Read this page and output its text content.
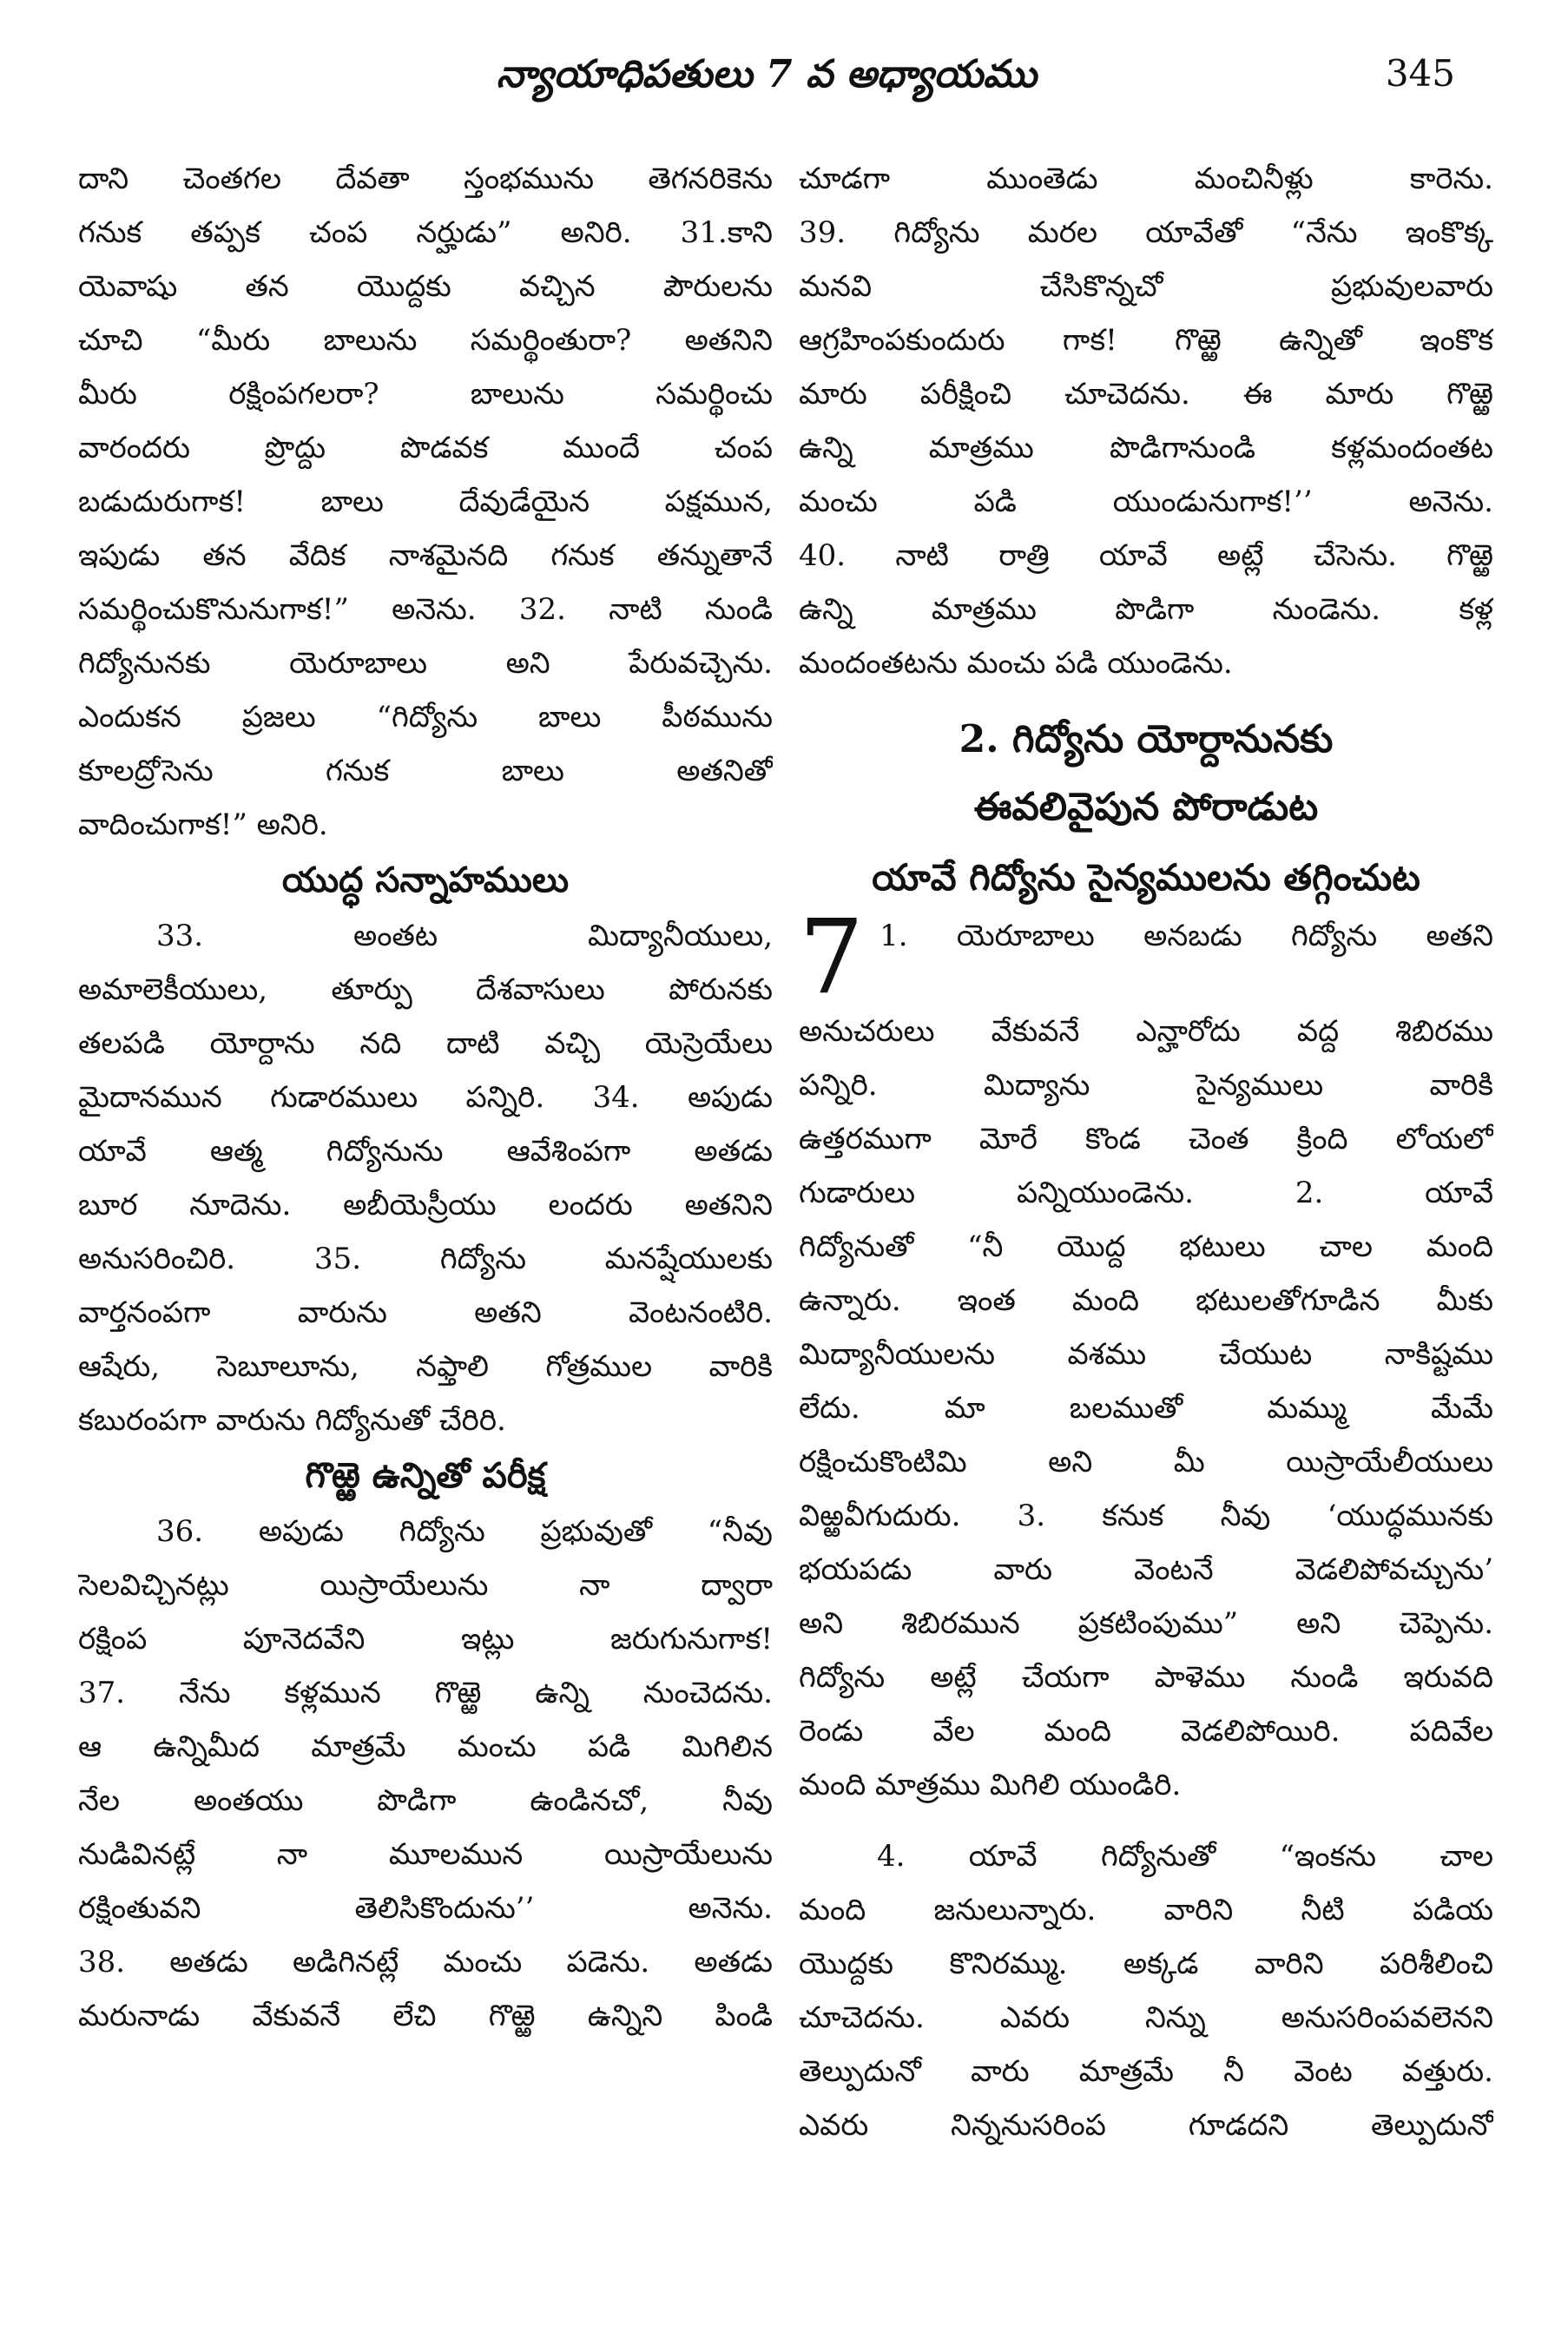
న్యాయాధిపతులు 7 వ అధ్యాయము	345
దాని చెంతగల దేవతా స్తంభమును తెగనరికెను
గనుక తప్పక చంప నర్హుడు” అనిరి. 31.కాని
యెవాషు తన యొద్దకు వచ్చిన పౌరులను
చూచి “మీరు బాలును సమర్థింతురా? అతనిని
మీరు రక్షింపగలరా? బాలును సమర్థించు
వారందరు ప్రొద్దు పొడవక ముందే చంప
బడుదురుగాక! బాలు దేవుడేయైన పక్షమున,
ఇపుడు తన వేదిక నాశమైనది గనుక తన్నుతానే
సమర్థించుకొనునుగాక!” అనెను. 32. నాటి నుండి
గిద్యోనునకు యెరూబాలు అని పేరువచ్చెను.
ఎందుకన ప్రజలు “గిద్యోను బాలు పీఠమును
కూలద్రోసెను గనుక బాలు అతనితో
వాదించుగాక!” అనిరి.
యుద్ధ సన్నాహములు
33. అంతట మిద్యానీయులు,
అమాలెకీయులు, తూర్పు దేశవాసులు పోరునకు
తలపడి యోర్దాను నది దాటి వచ్చి యెస్రెయేలు
మైదానమున గుడారములు పన్నిరి. 34. అపుడు
యావే ఆత్మ గిద్యోనును ఆవేశింపగా అతడు
బూర నూదెను. అబీయెస్రీయు లందరు అతనిని
అనుసరించిరి. 35. గిద్యోను మనష్షేయులకు
వార్తనంపగా వారును అతని వెంటనంటిరి.
ఆషేరు, సెబూలూను, నఫ్తాలి గోత్రముల వారికి
కబురంపగా వారును గిద్యోనుతో చేరిరి.
గొఱ్ఱె ఉన్నితో పరీక్ష
36. అపుడు గిద్యోను ప్రభువుతో “నీవు
సెలవిచ్చినట్లు యిస్రాయేలును నా ద్వారా
రక్షింప పూనెదవేని ఇట్లు జరుగునుగాక!
37. నేను కళ్లమున గొఱ్ఱె ఉన్ని నుంచెదను.
ఆ ఉన్నిమీద మాత్రమే మంచు పడి మిగిలిన
నేల అంతయు పొడిగా ఉండినచో, నీవు
నుడివినట్లే నా మూలమున యిస్రాయేలును
రక్షింతువని తెలిసికొందును’’ అనెను.
38. అతడు అడిగినట్లే మంచు పడెను. అతడు
మరునాడు వేకువనే లేచి గొఱ్ఱె ఉన్నిని పిండి
చూడగా ముంతెడు మంచినీళ్లు కారెను.
39. గిద్యోను మరల యావేతో “నేను ఇంకొక్క
మనవి చేసికొన్నచో ప్రభువులవారు
ఆగ్రహింపకుందురు గాక! గొఱ్ఱె ఉన్నితో ఇంకొక
మారు పరీక్షించి చూచెదను. ఈ మారు గొఱ్ఱె
ఉన్ని మాత్రము పొడిగానుండి కళ్లమందంతట
మంచు పడి యుండునుగాక!’’ అనెను.
40. నాటి రాత్రి యావే అట్లే చేసెను. గొఱ్ఱె
ఉన్ని మాత్రము పొడిగా నుండెను. కళ్ల
మందంతటను మంచు పడి యుండెను.
2. గిద్యోను యోర్దానునకు
ఈవలివైపున పోరాడుట
యావే గిద్యోను సైన్యములను తగ్గించుట
7 1. యెరూబాలు అనబడు గిద్యోను అతని
అనుచరులు వేకువనే ఎన్హారోదు వద్ద శిబిరము
పన్నిరి. మిద్యాను సైన్యములు వారికి
ఉత్తరముగా మోరే కొండ చెంత క్రింది లోయలో
గుడారులు పన్నియుండెను. 2. యావే
గిద్యోనుతో “నీ యొద్ద భటులు చాల మంది
ఉన్నారు. ఇంత మంది భటులతోగూడిన మీకు
మిద్యానీయులను వశము చేయుట నాకిష్టము
లేదు. మా బలముతో మమ్ము మేమే
రక్షించుకొంటిమి అని మీ యిస్రాయేలీయులు
విఱ్ఱవీగుదురు. 3. కనుక నీవు ‘యుద్ధమునకు
భయపడు వారు వెంటనే వెడలిపోవచ్చును’
అని శిబిరమున ప్రకటింపుము” అని చెప్పెను.
గిద్యోను అట్లే చేయగా పాళెము నుండి ఇరువది
రెండు వేల మంది వెడలిపోయిరి. పదివేల
మంది మాత్రము మిగిలి యుండిరి.
4. యావే గిద్యోనుతో “ఇంకను చాల
మంది జనులున్నారు. వారిని నీటి పడియ
యొద్దకు కొనిరమ్ము. అక్కడ వారిని పరిశీలించి
చూచెదను. ఎవరు నిన్ను అనుసరింపవలెనని
తెల్పుదునో వారు మాత్రమే నీ వెంట వత్తురు.
ఎవరు నిన్ననుసరింప గూడదని తెల్పుదునో
